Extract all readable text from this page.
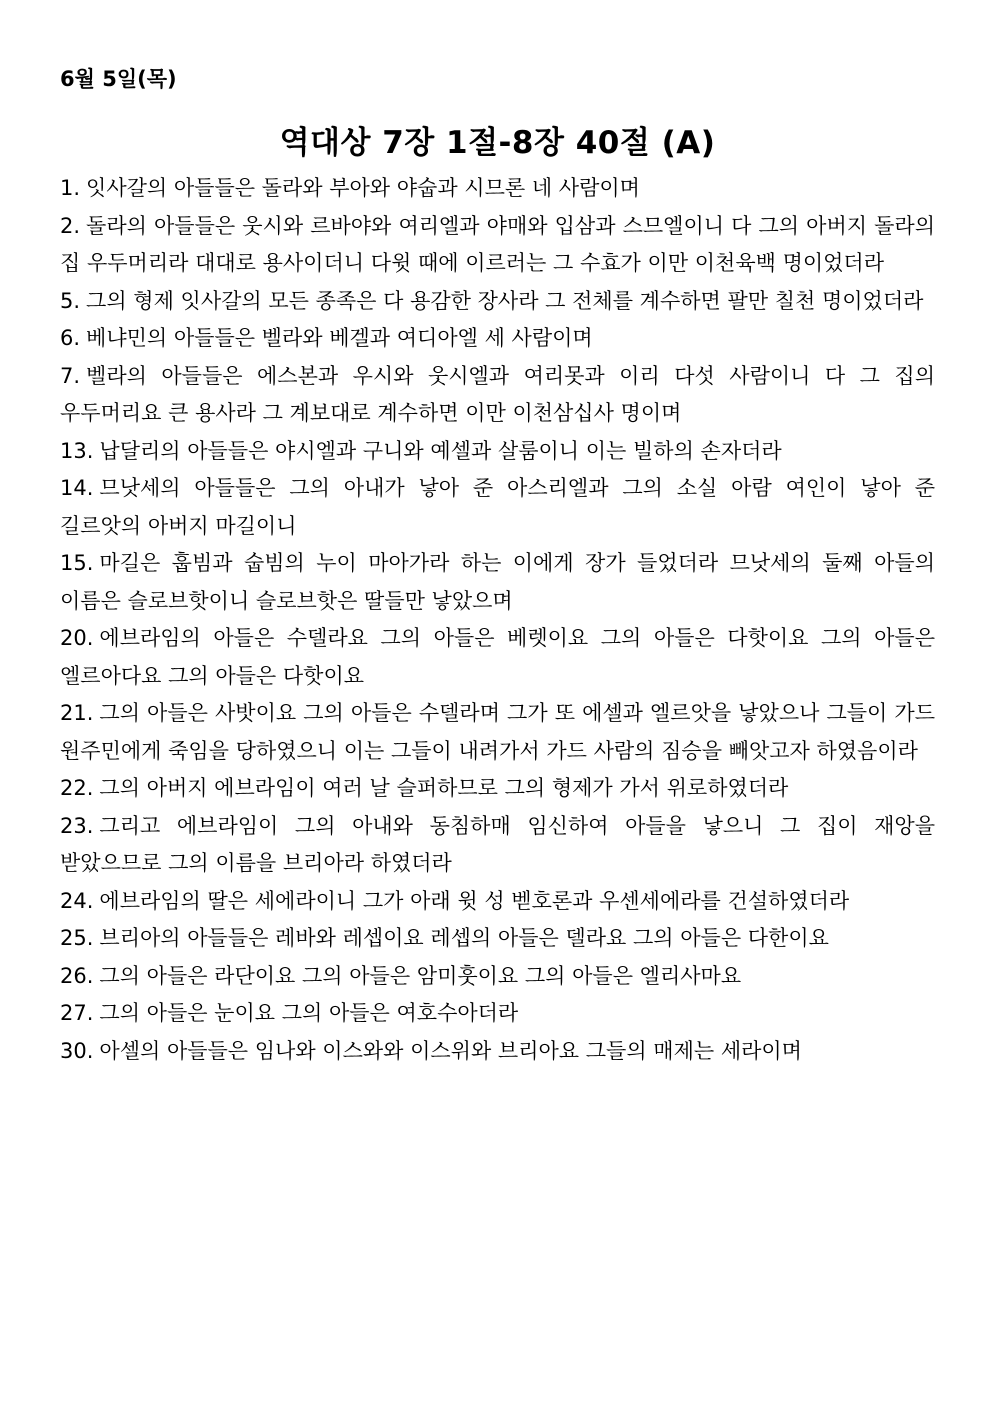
6월 5일(목)

역대상 7장 1절-8장 40절 (A)

1. 잇사갈의 아들들은 돌라와 부아와 야숩과 시므론 네 사람이며

2. 돌라의 아들들은 웃시와 르바야와 여리엘과 야매와 입삼과 스므엘이니 다 그의 아버지 돌라의 집 우두머리라 대대로 용사이더니 다윗 때에 이르러는 그 수효가 이만 이천육백 명이었더라

5. 그의 형제 잇사갈의 모든 종족은 다 용감한 장사라 그 전체를 계수하면 팔만 칠천 명이었더라

6. 베냐민의 아들들은 벨라와 베겔과 여디아엘 세 사람이며

7. 벨라의 아들들은 에스본과 우시와 웃시엘과 여리못과 이리 다섯 사람이니 다 그 집의 우두머리요 큰 용사라 그 계보대로 계수하면 이만 이천삼십사 명이며

13. 납달리의 아들들은 야시엘과 구니와 예셀과 살룸이니 이는 빌하의 손자더라

14. 므낫세의 아들들은 그의 아내가 낳아 준 아스리엘과 그의 소실 아람 여인이 낳아 준 길르앗의 아버지 마길이니

15. 마길은 훕빔과 숩빔의 누이 마아가라 하는 이에게 장가 들었더라 므낫세의 둘째 아들의 이름은 슬로브핫이니 슬로브핫은 딸들만 낳았으며

20. 에브라임의 아들은 수델라요 그의 아들은 베렛이요 그의 아들은 다핫이요 그의 아들은 엘르아다요 그의 아들은 다핫이요

21. 그의 아들은 사밧이요 그의 아들은 수델라며 그가 또 에셀과 엘르앗을 낳았으나 그들이 가드 원주민에게 죽임을 당하였으니 이는 그들이 내려가서 가드 사람의 짐승을 빼앗고자 하였음이라

22. 그의 아버지 에브라임이 여러 날 슬퍼하므로 그의 형제가 가서 위로하였더라

23. 그리고 에브라임이 그의 아내와 동침하매 임신하여 아들을 낳으니 그 집이 재앙을 받았으므로 그의 이름을 브리아라 하였더라

24. 에브라임의 딸은 세에라이니 그가 아래 윗 성 벧호론과 우센세에라를 건설하였더라

25. 브리아의 아들들은 레바와 레셉이요 레셉의 아들은 델라요 그의 아들은 다한이요

26. 그의 아들은 라단이요 그의 아들은 암미훗이요 그의 아들은 엘리사마요

27. 그의 아들은 눈이요 그의 아들은 여호수아더라

30. 아셀의 아들들은 임나와 이스와와 이스위와 브리아요 그들의 매제는 세라이며
